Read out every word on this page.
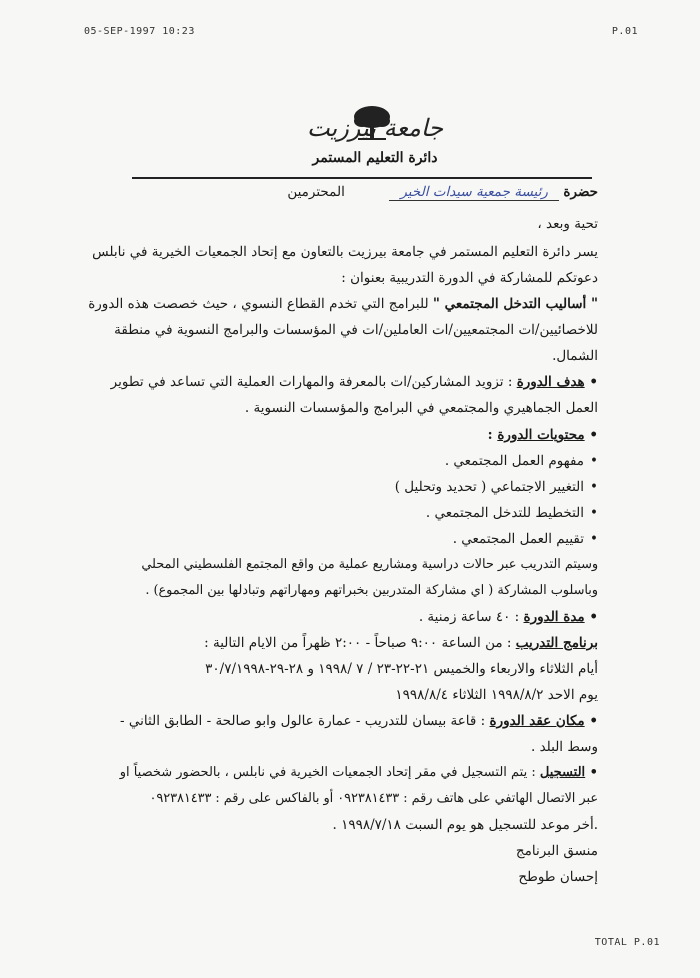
05-SEP-1997 10:23	P.01
جامعة بيرزيت
دائرة التعليم المستمر
حضرة رئيسة جمعية سيدات الخير المحترمين
تحية وبعد ،
يسر دائرة التعليم المستمر في جامعة بيرزيت بالتعاون مع إتحاد الجمعيات الخيرية في نابلس
دعوتكم للمشاركة في الدورة التدريبية بعنوان :
" أساليب التدخل المجتمعي " للبرامج التي تخدم القطاع النسوي ، حيث خصصت هذه الدورة
للاخصائيين/ات المجتمعيين/ات العاملين/ات في المؤسسات والبرامج النسوية في منطقة
الشمال.
• هدف الدورة : تزويد المشاركين/ات بالمعرفة والمهارات العملية التي تساعد في تطوير
العمل الجماهيري والمجتمعي في البرامج والمؤسسات النسوية .
• محتويات الدورة :
•مفهوم العمل المجتمعي .
•التغيير الاجتماعي ( تحديد وتحليل )
•التخطيط للتدخل المجتمعي .
•تقييم العمل المجتمعي .
وسيتم التدريب عبر حالات دراسية ومشاريع عملية من واقع المجتمع الفلسطيني المحلي
وباسلوب المشاركة ( اي مشاركة المتدربين بخبراتهم ومهاراتهم وتبادلها بين المجموع) .
• مدة الدورة : ٤٠ ساعة زمنية .
برنامج التدريب : من الساعة ٩:٠٠ صباحاً - ٢:٠٠ ظهراً من الايام التالية :
أيام الثلاثاء والاربعاء والخميس ٢١-٢٢-٢٣ / ٧ /١٩٩٨ و ٢٨-٢٩-٣٠/٧/١٩٩٨
يوم الاحد ١٩٩٨/٨/٢ الثلاثاء ١٩٩٨/٨/٤
• مكان عقد الدورة : قاعة بيسان للتدريب - عمارة عالول وابو صالحة - الطابق الثاني -
وسط البلد .
• التسجيل : يتم التسجيل في مقر إتحاد الجمعيات الخيرية في نابلس ، بالحضور شخصياً او
عبر الاتصال الهاتفي على هاتف رقم : ٠٩٢٣٨١٤٣٣ أو بالفاكس على رقم : ٠٩٢٣٨١٤٣٣
.أخر موعد للتسجيل هو يوم السبت ١٩٩٨/٧/١٨ .
منسق البرنامج
إحسان طوطح
TOTAL P.01
